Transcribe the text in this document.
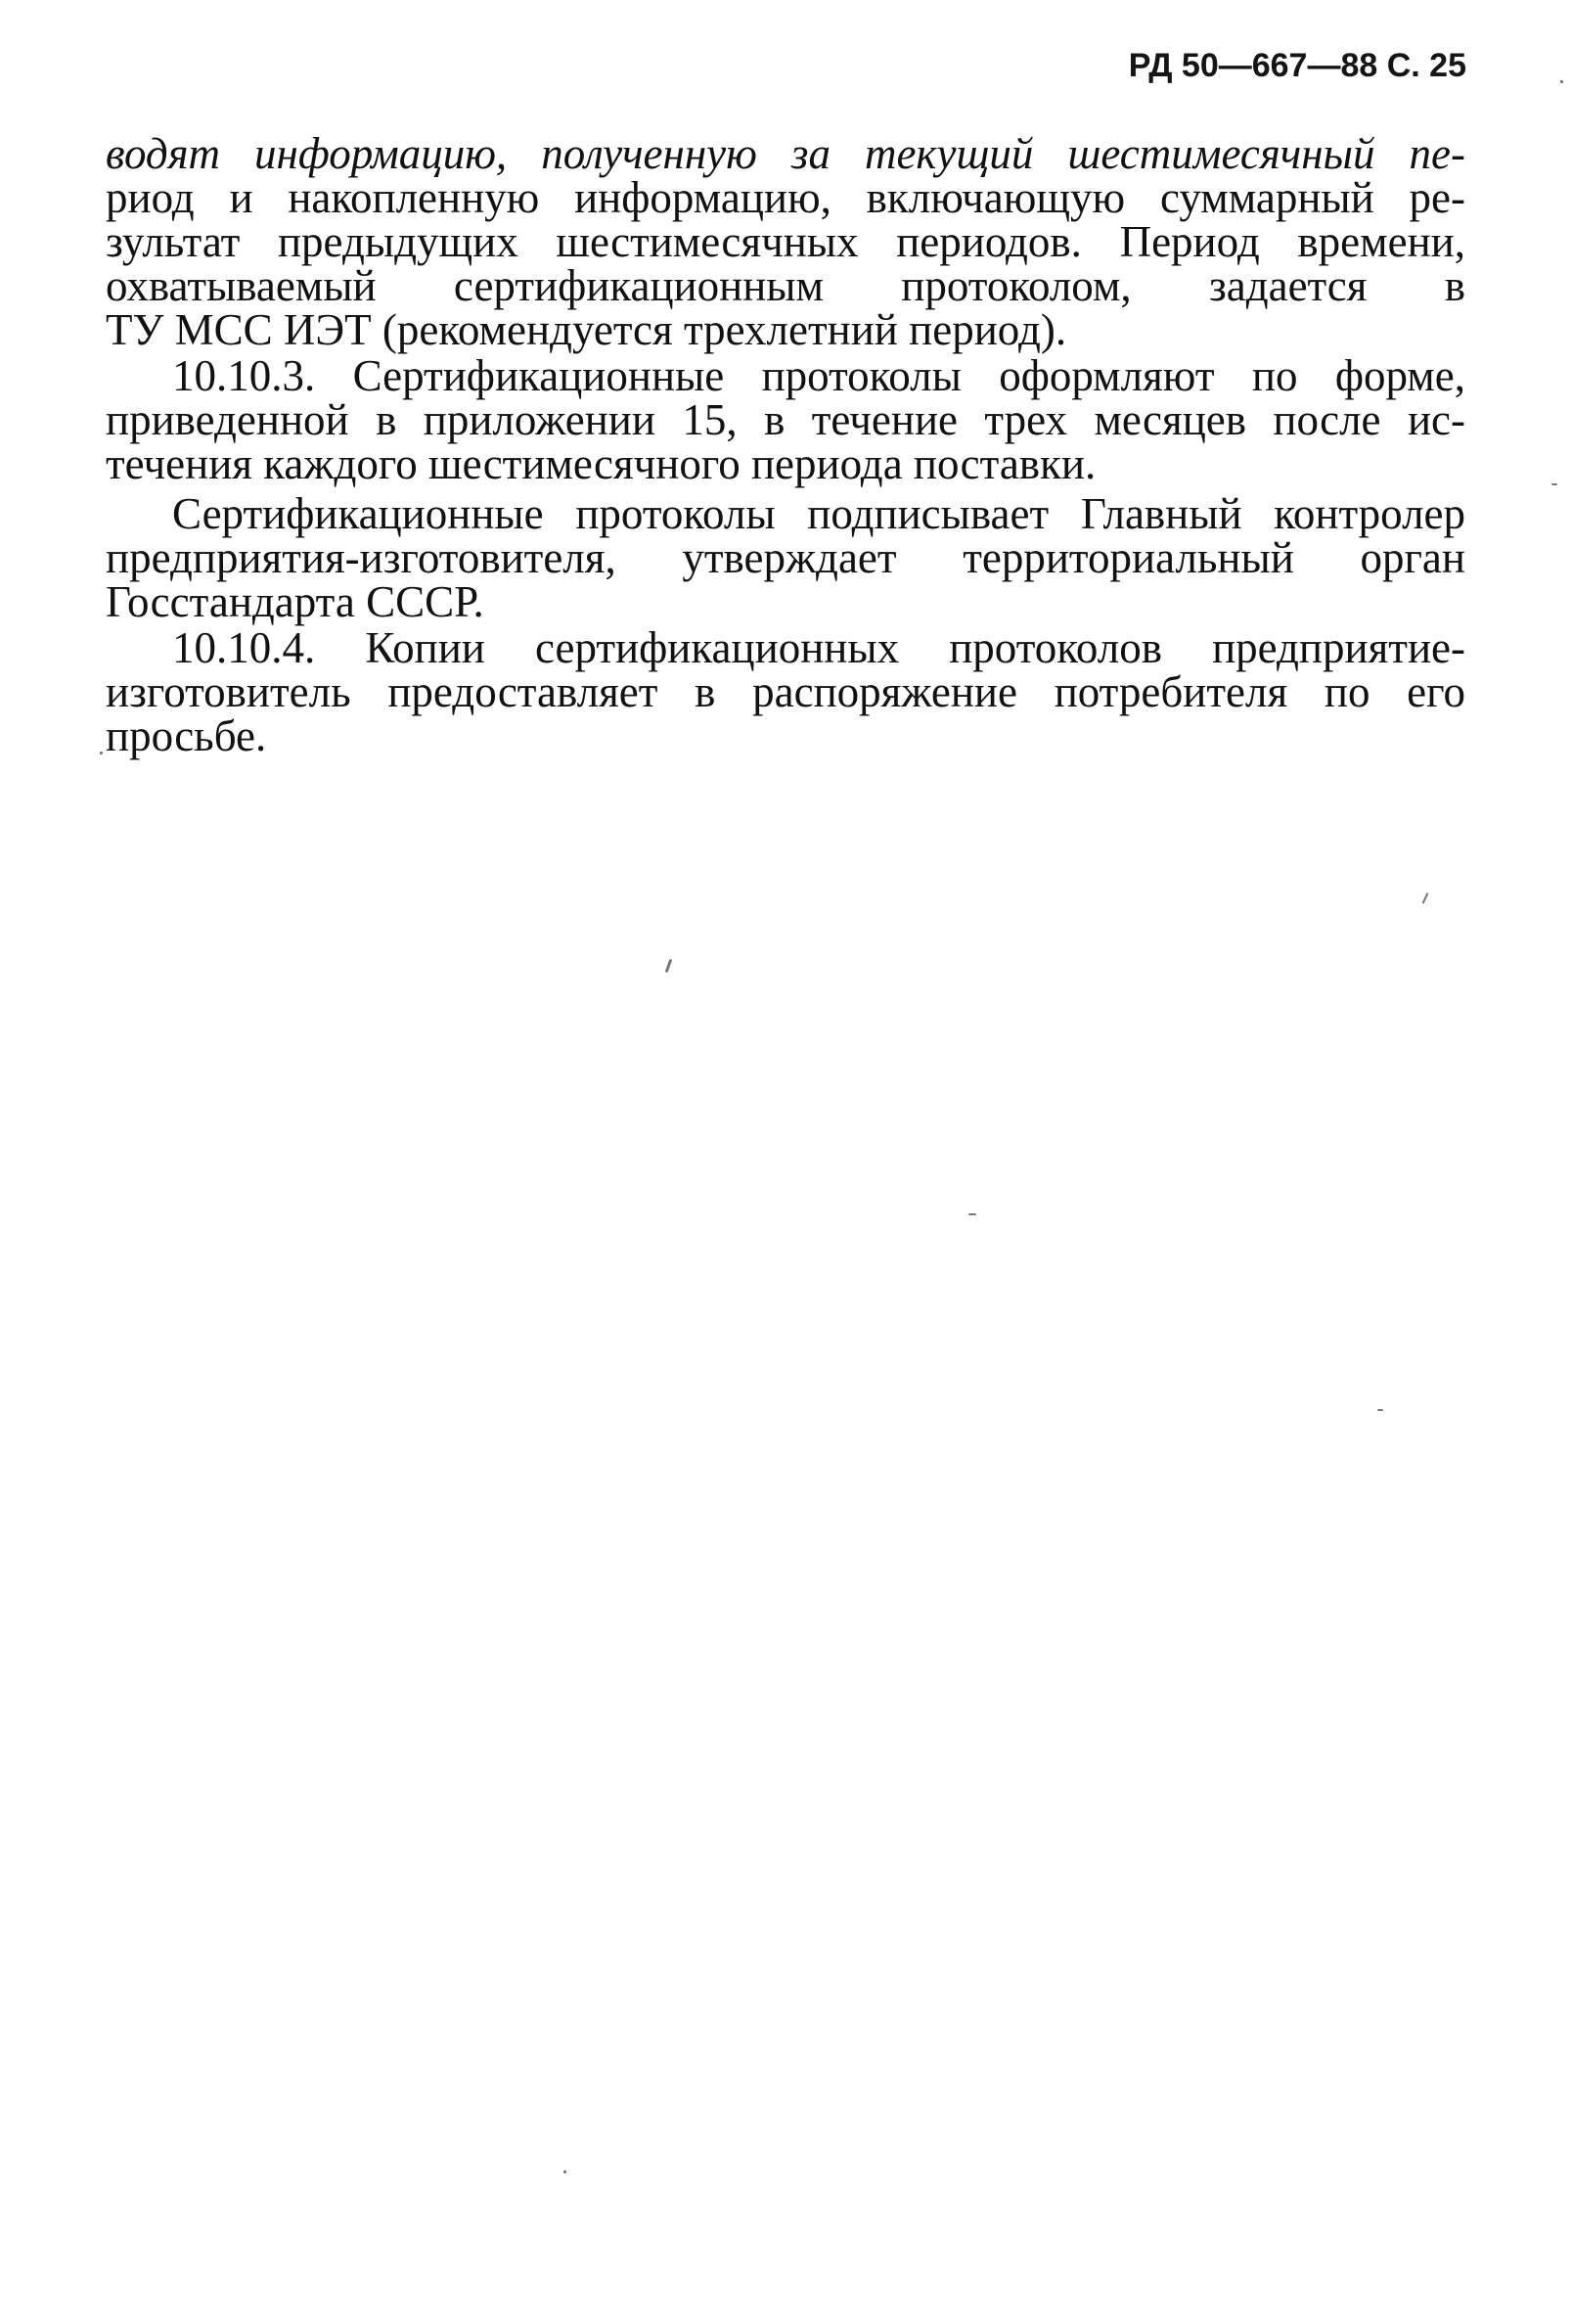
РД 50—667—88 С. 25

водят информацию, полученную за текущий шестимесячный пе-
риод и накопленную информацию, включающую суммарный ре-
зультат предыдущих шестимесячных периодов. Период времени,
охватываемый сертификационным протоколом, задается в
ТУ МСС ИЭТ (рекомендуется трехлетний период).

10.10.3. Сертификационные протоколы оформляют по форме,
приведенной в приложении 15, в течение трех месяцев после ис-
течения каждого шестимесячного периода поставки.

Сертификационные протоколы подписывает Главный контролер
предприятия-изготовителя, утверждает территориальный орган
Госстандарта СССР.

10.10.4. Копии сертификационных протоколов предприятие-
изготовитель предоставляет в распоряжение потребителя по его
просьбе.
